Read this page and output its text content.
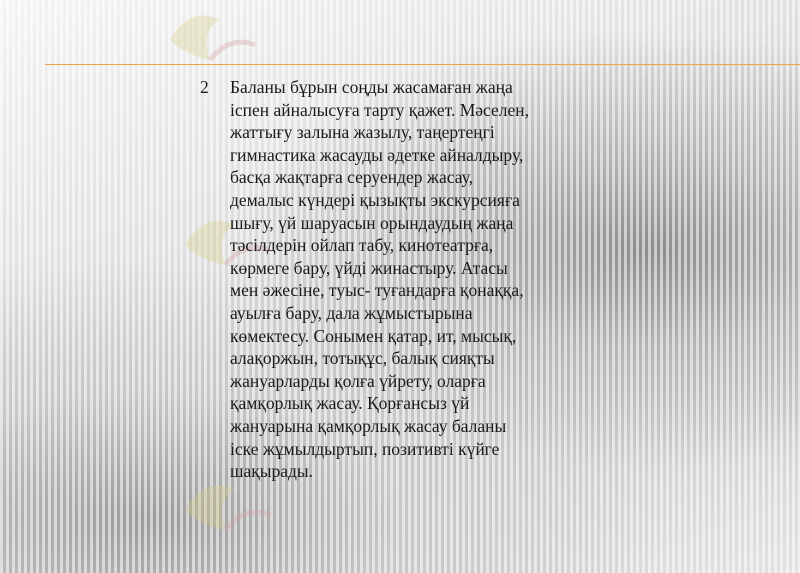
2	Баланы бұрын соңды жасамаған жаңа
іспен айналысуға тарту қажет. Мәселен,
жаттығу залына жазылу, таңертеңгі
гимнастика жасауды әдетке айналдыру,
басқа жақтарға серуендер жасау,
демалыс күндері қызықты экскурсияға
шығу, үй шаруасын орындаудың жаңа
тәсілдерін ойлап табу, кинотеатрға,
көрмеге бару, үйді жинастыру. Атасы
мен әжесіне, туыс- туғандарға қонаққа,
ауылға бару, дала жұмыстырына
көмектесу. Сонымен қатар, ит, мысық,
алақоржын, тотықұс, балық сияқты
жануарларды қолға үйрету, оларға
қамқорлық жасау. Қорғансыз үй
жануарына қамқорлық жасау баланы
іске жұмылдыртып, позитивті күйге
шақырады.
